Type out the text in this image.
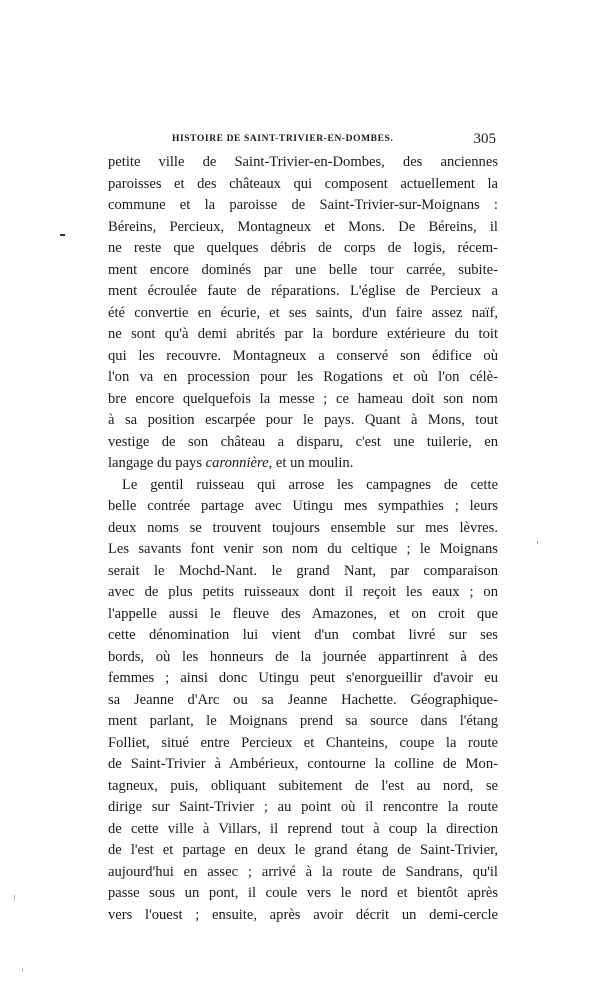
HISTOIRE DE SAINT-TRIVIER-EN-DOMBES.	305
petite ville de Saint-Trivier-en-Dombes, des anciennes
paroisses et des châteaux qui composent actuellement la
commune et la paroisse de Saint-Trivier-sur-Moignans :
Béreins, Percieux, Montagneux et Mons. De Béreins, il
ne reste que quelques débris de corps de logis, récem-
ment encore dominés par une belle tour carrée, subite-
ment écroulée faute de réparations. L'église de Percieux a
été convertie en écurie, et ses saints, d'un faire assez naïf,
ne sont qu'à demi abrités par la bordure extérieure du toit
qui les recouvre. Montagneux a conservé son édifice où
l'on va en procession pour les Rogations et où l'on célè-
bre encore quelquefois la messe ; ce hameau doit son nom
à sa position escarpée pour le pays. Quant à Mons, tout
vestige de son château a disparu, c'est une tuilerie, en
langage du pays caronnière, et un moulin.
Le gentil ruisseau qui arrose les campagnes de cette
belle contrée partage avec Utingu mes sympathies ; leurs
deux noms se trouvent toujours ensemble sur mes lèvres.
Les savants font venir son nom du celtique ; le Moignans
serait le Mochd-Nant. le grand Nant, par comparaison
avec de plus petits ruisseaux dont il reçoit les eaux ; on
l'appelle aussi le fleuve des Amazones, et on croit que
cette dénomination lui vient d'un combat livré sur ses
bords, où les honneurs de la journée appartinrent à des
femmes ; ainsi donc Utingu peut s'enorgueillir d'avoir eu
sa Jeanne d'Arc ou sa Jeanne Hachette. Géographique-
ment parlant, le Moignans prend sa source dans l'étang
Folliet, situé entre Percieux et Chanteins, coupe la route
de Saint-Trivier à Ambérieux, contourne la colline de Mon-
tagneux, puis, obliquant subitement de l'est au nord, se
dirige sur Saint-Trivier ; au point où il rencontre la route
de cette ville à Villars, il reprend tout à coup la direction
de l'est et partage en deux le grand étang de Saint-Trivier,
aujourd'hui en assec ; arrivé à la route de Sandrans, qu'il
passe sous un pont, il coule vers le nord et bientôt après
vers l'ouest ; ensuite, après avoir décrit un demi-cercle
